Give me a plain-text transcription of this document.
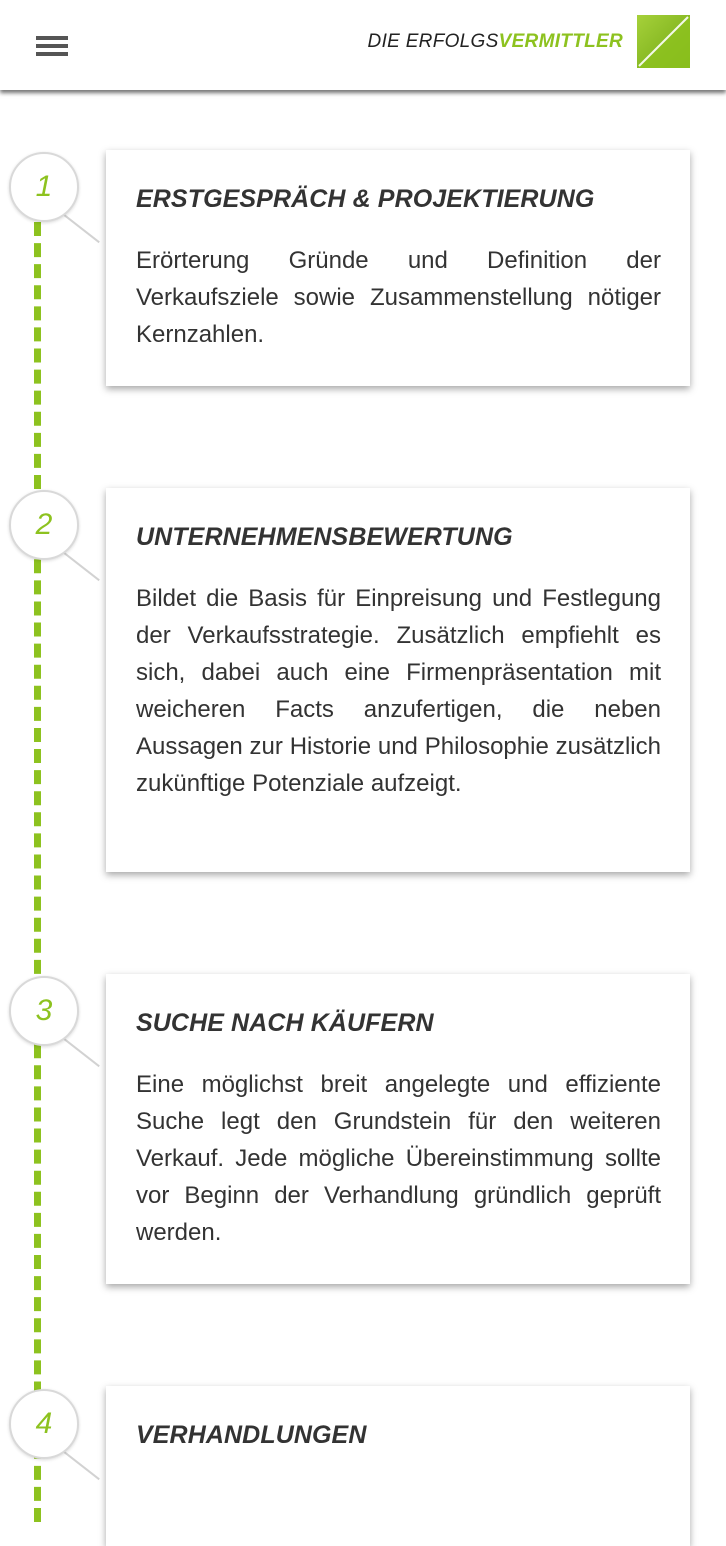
DIE ERFOLGSVERMITTLER
1	ERSTGESPRÄCH & PROJEKTIERUNG

Erörterung Gründe und Definition der Verkaufsziele sowie Zusammenstellung nötiger Kernzahlen.

2	UNTERNEHMENSBEWERTUNG

Bildet die Basis für Einpreisung und Festlegung der Verkaufsstrategie. Zusätzlich empfiehlt es sich, dabei auch eine Firmenpräsentation mit weicheren Facts anzufertigen, die neben Aussagen zur Historie und Philosophie zusätzlich zukünftige Potenziale aufzeigt.

3	SUCHE NACH KÄUFERN

Eine möglichst breit angelegte und effiziente Suche legt den Grundstein für den weiteren Verkauf. Jede mögliche Übereinstimmung sollte vor Beginn der Verhandlung gründlich geprüft werden.

4	VERHANDLUNGEN
